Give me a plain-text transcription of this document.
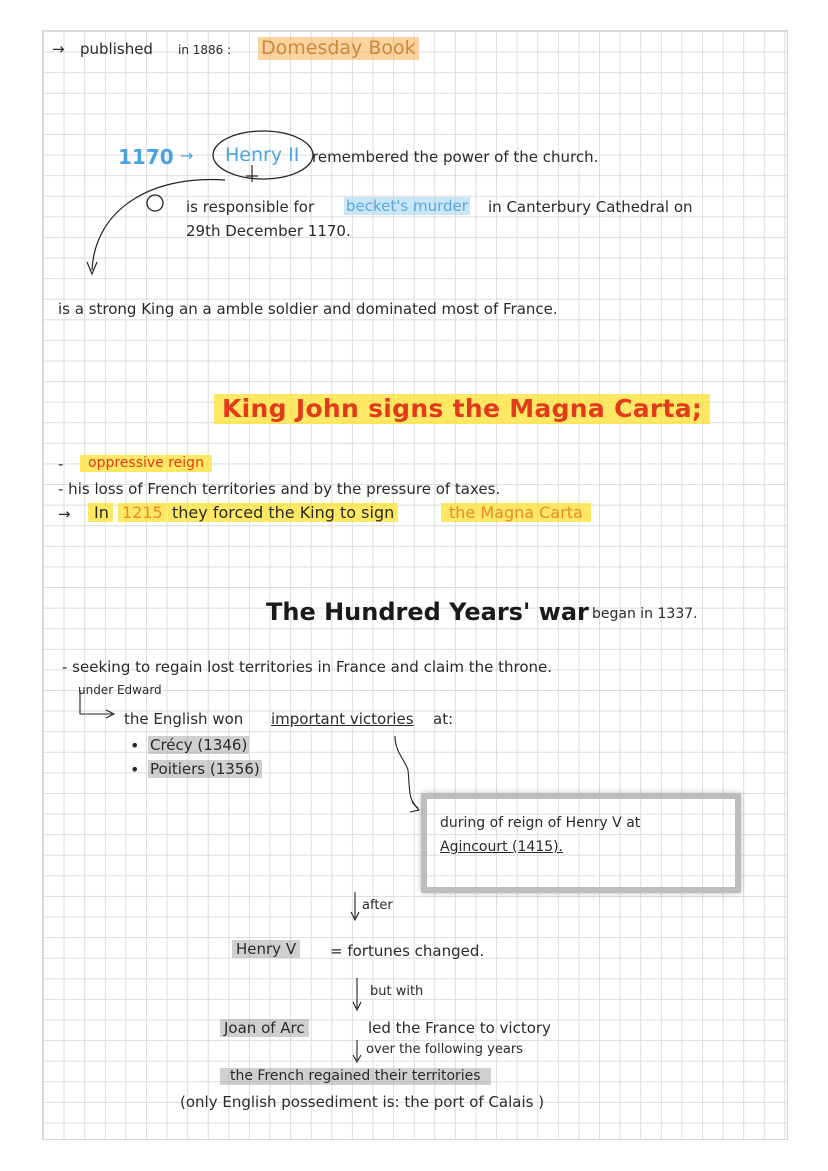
→ published in 1886 : Domesday Book
1170 → Henry II remembered the power of the church.
is responsible for becket's murder in Canterbury Cathedral on
29th December 1170.
is a strong King an a amble soldier and dominated most of France.
King John signs the Magna Carta;
-	oppressive reign
- his loss of French territories and by the pressure of taxes.
→	In 1215 they forced the King to sign	the Magna Carta
The Hundred Years' war began in 1337.
- seeking to regain lost territories in France and claim the throne.
under Edward
the English won important victories at:
• Crécy (1346)
• Poitiers (1356)
during of reign of Henry V at
Agincourt (1415).
after
Henry V = fortunes changed.
but with
Joan of Arc	led the France to victory
over the following years
the French regained their territories
(only English possediment is: the port of Calais )
